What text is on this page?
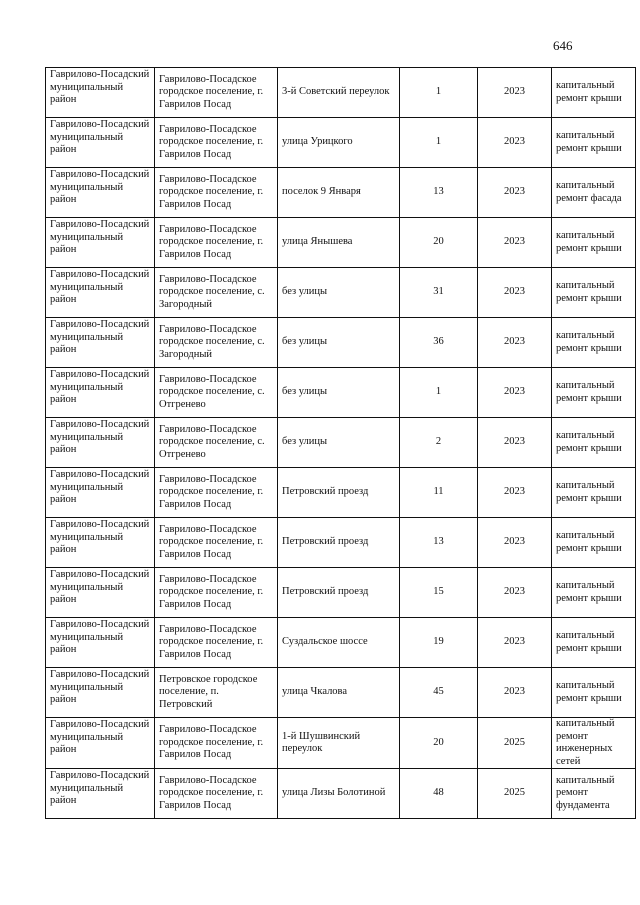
646
Гаврилово-Посадский муниципальный район	Гаврилово-Посадское городское поселение, г. Гаврилов Посад	3-й Советский переулок	1	2023	капитальный ремонт крыши
Гаврилово-Посадский муниципальный район	Гаврилово-Посадское городское поселение, г. Гаврилов Посад	улица Урицкого	1	2023	капитальный ремонт крыши
Гаврилово-Посадский муниципальный район	Гаврилово-Посадское городское поселение, г. Гаврилов Посад	поселок 9 Января	13	2023	капитальный ремонт фасада
Гаврилово-Посадский муниципальный район	Гаврилово-Посадское городское поселение, г. Гаврилов Посад	улица Янышева	20	2023	капитальный ремонт крыши
Гаврилово-Посадский муниципальный район	Гаврилово-Посадское городское поселение, с. Загородный	без улицы	31	2023	капитальный ремонт крыши
Гаврилово-Посадский муниципальный район	Гаврилово-Посадское городское поселение, с. Загородный	без улицы	36	2023	капитальный ремонт крыши
Гаврилово-Посадский муниципальный район	Гаврилово-Посадское городское поселение, с. Отгренево	без улицы	1	2023	капитальный ремонт крыши
Гаврилово-Посадский муниципальный район	Гаврилово-Посадское городское поселение, с. Отгренево	без улицы	2	2023	капитальный ремонт крыши
Гаврилово-Посадский муниципальный район	Гаврилово-Посадское городское поселение, г. Гаврилов Посад	Петровский проезд	11	2023	капитальный ремонт крыши
Гаврилово-Посадский муниципальный район	Гаврилово-Посадское городское поселение, г. Гаврилов Посад	Петровский проезд	13	2023	капитальный ремонт крыши
Гаврилово-Посадский муниципальный район	Гаврилово-Посадское городское поселение, г. Гаврилов Посад	Петровский проезд	15	2023	капитальный ремонт крыши
Гаврилово-Посадский муниципальный район	Гаврилово-Посадское городское поселение, г. Гаврилов Посад	Суздальское шоссе	19	2023	капитальный ремонт крыши
Гаврилово-Посадский муниципальный район	Петровское городское поселение, п. Петровский	улица Чкалова	45	2023	капитальный ремонт крыши
Гаврилово-Посадский муниципальный район	Гаврилово-Посадское городское поселение, г. Гаврилов Посад	1-й Шушвинский переулок	20	2025	капитальный ремонт инженерных сетей
Гаврилово-Посадский муниципальный район	Гаврилово-Посадское городское поселение, г. Гаврилов Посад	улица Лизы Болотиной	48	2025	капитальный ремонт фундамента
